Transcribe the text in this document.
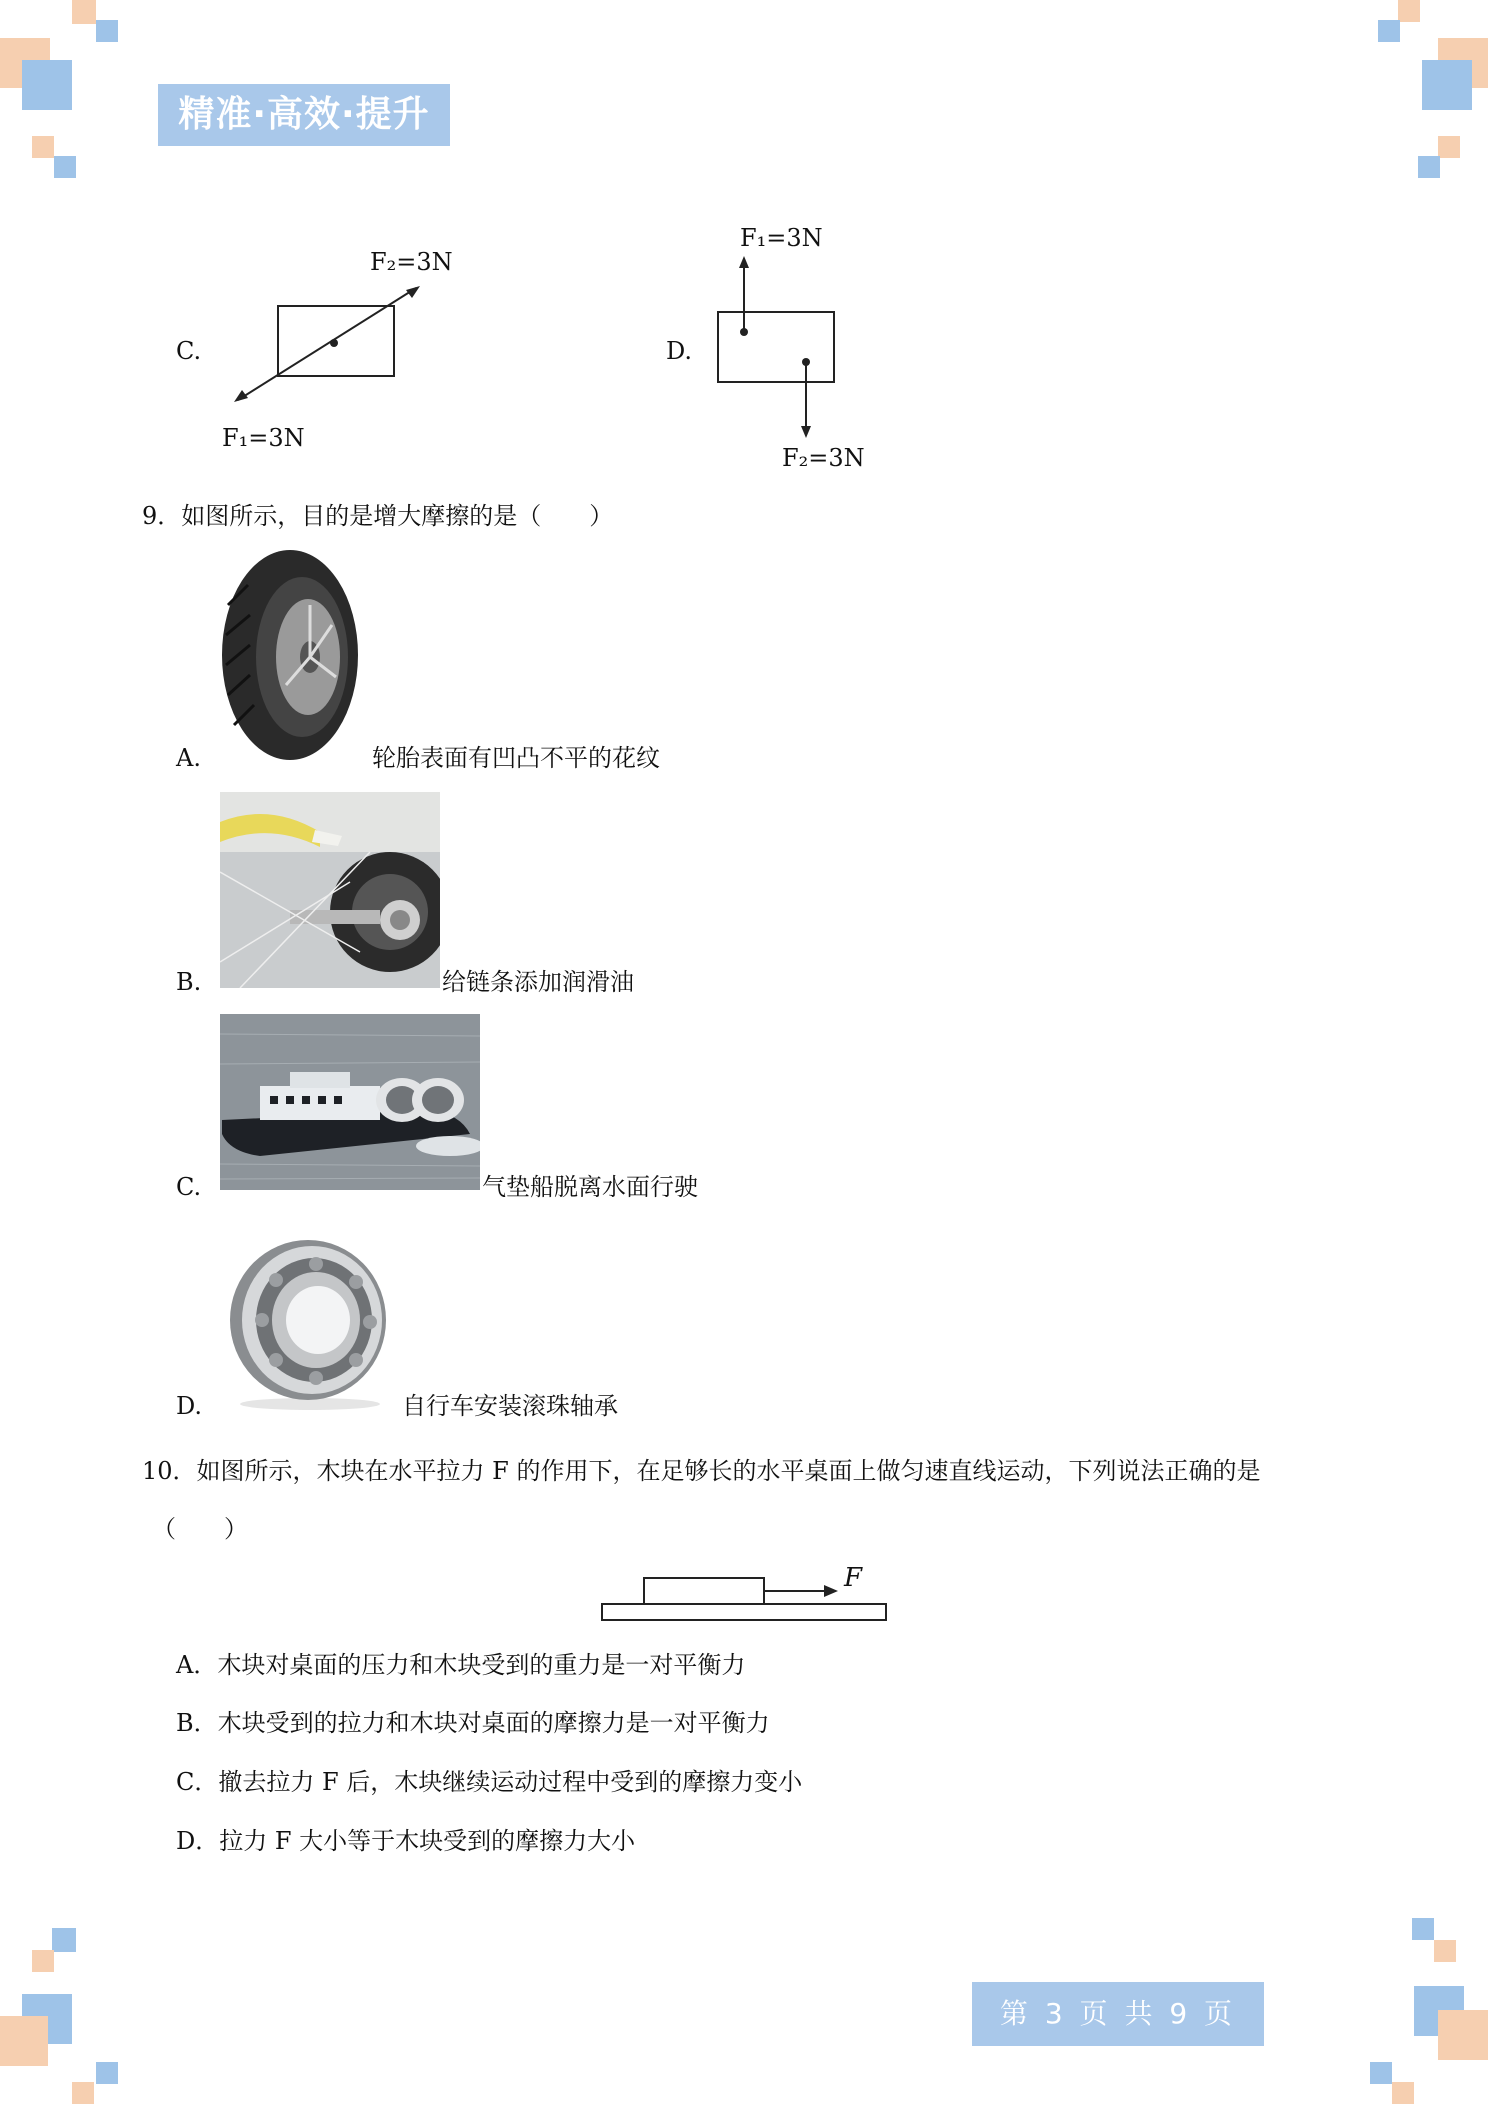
精准·高效·提升
C.
F₂=3N
F₁=3N
D.
F₁=3N
F₂=3N
9．如图所示，目的是增大摩擦的是（　　）
A.	轮胎表面有凹凸不平的花纹
B.	给链条添加润滑油
C.	气垫船脱离水面行驶
D.	自行车安装滚珠轴承
10．如图所示，木块在水平拉力 F 的作用下，在足够长的水平桌面上做匀速直线运动，下列说法正确的是
（　　）
F
A．木块对桌面的压力和木块受到的重力是一对平衡力
B．木块受到的拉力和木块对桌面的摩擦力是一对平衡力
C．撤去拉力 F 后，木块继续运动过程中受到的摩擦力变小
D．拉力 F 大小等于木块受到的摩擦力大小
第 3 页 共 9 页
